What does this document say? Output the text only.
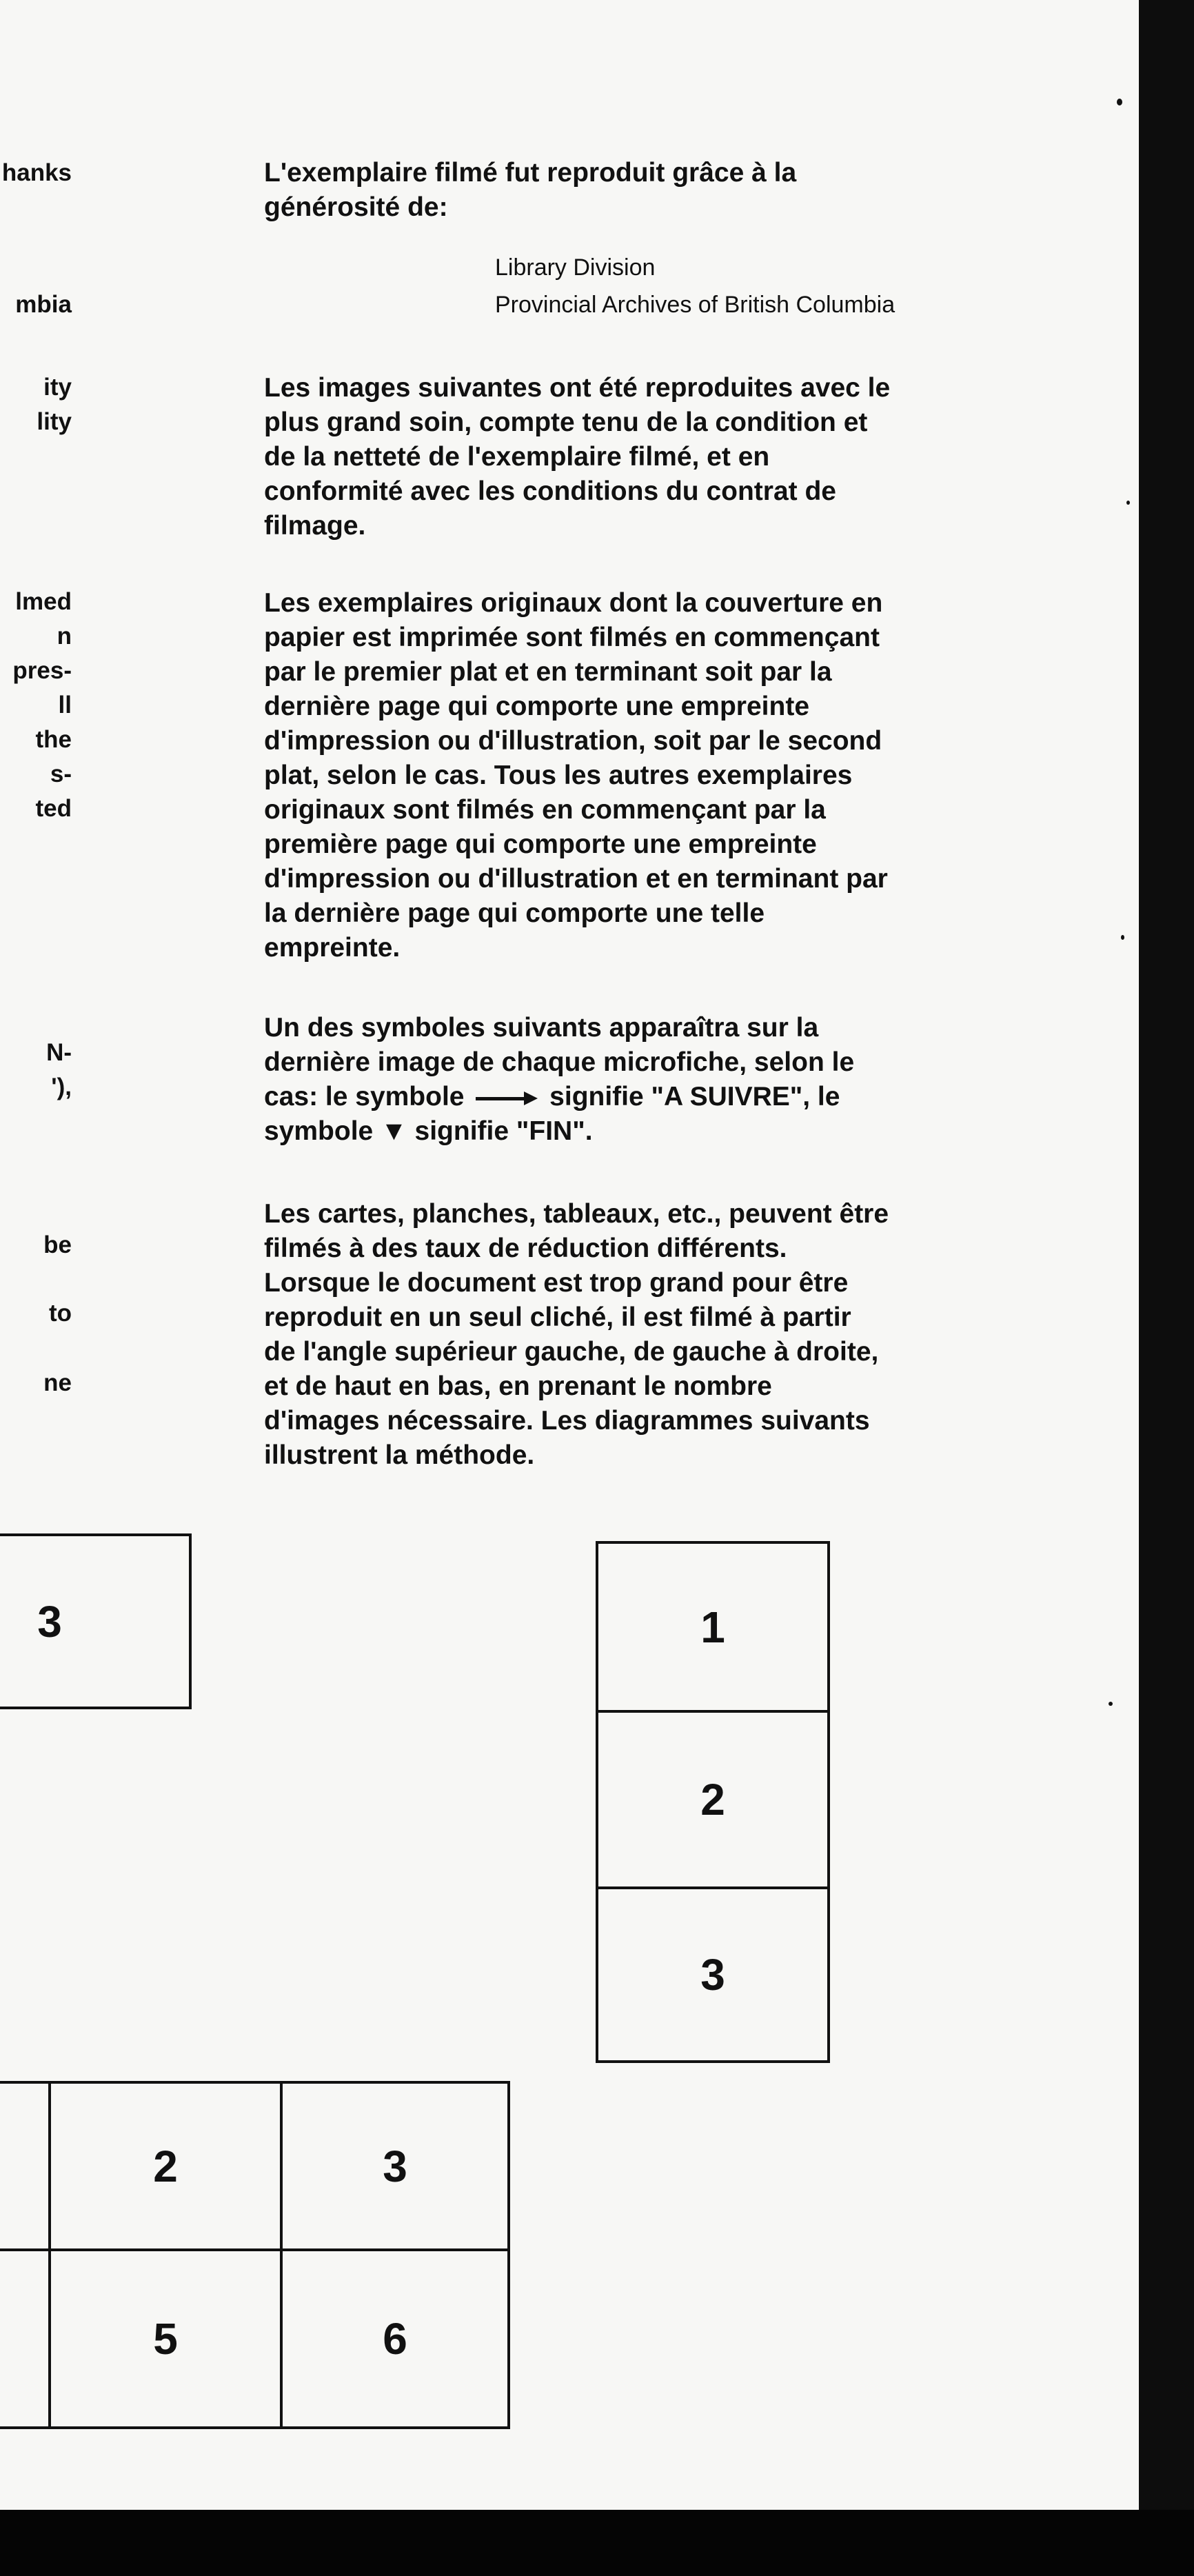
hanks
mbia
ity
lity
lmed
n
pres-
ll
the
s-
ted
N-
'),
be
to
ne
L'exemplaire filmé fut reproduit grâce à la
générosité de:
Library Division
Provincial Archives of British Columbia
Les images suivantes ont été reproduites avec le
plus grand soin, compte tenu de la condition et
de la netteté de l'exemplaire filmé, et en
conformité avec les conditions du contrat de
filmage.
Les exemplaires originaux dont la couverture en
papier est imprimée sont filmés en commençant
par le premier plat et en terminant soit par la
dernière page qui comporte une empreinte
d'impression ou d'illustration, soit par le second
plat, selon le cas. Tous les autres exemplaires
originaux sont filmés en commençant par la
première page qui comporte une empreinte
d'impression ou d'illustration et en terminant par
la dernière page qui comporte une telle
empreinte.
Un des symboles suivants apparaîtra sur la
dernière image de chaque microfiche, selon le
cas: le symbole	signifie "A SUIVRE", le
symbole ▼ signifie "FIN".
Les cartes, planches, tableaux, etc., peuvent être
filmés à des taux de réduction différents.
Lorsque le document est trop grand pour être
reproduit en un seul cliché, il est filmé à partir
de l'angle supérieur gauche, de gauche à droite,
et de haut en bas, en prenant le nombre
d'images nécessaire. Les diagrammes suivants
illustrent la méthode.
3	1
2
3
2	3
5	6
